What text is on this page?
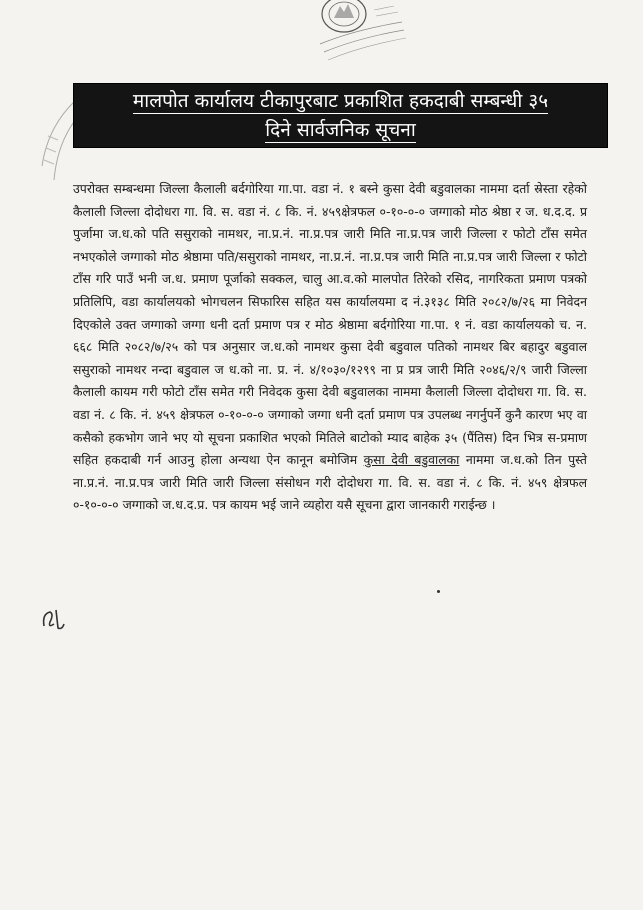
मालपोत कार्यालय टीकापुरबाट प्रकाशित हकदाबी सम्बन्धी ३५
दिने सार्वजनिक सूचना

उपरोक्त सम्बन्धमा जिल्ला कैलाली बर्दगोरिया गा.पा. वडा नं. १ बस्ने कुसा देवी बडुवालका नाममा दर्ता स्रेस्ता रहेको कैलाली जिल्ला दोदोधरा गा. वि. स. वडा नं. ८ कि. नं. ४५९क्षेत्रफल ०-१०-०-० जग्गाको मोठ श्रेष्ठा र ज. ध.द.द. प्र पुर्जामा ज.ध.को पति ससुराको नामथर, ना.प्र.नं. ना.प्र.पत्र जारी मिति ना.प्र.पत्र जारी जिल्ला र फोटो टाँस समेत नभएकोले जग्गाको मोठ श्रेष्ठामा पति/ससुराको नामथर, ना.प्र.नं. ना.प्र.पत्र जारी मिति ना.प्र.पत्र जारी जिल्ला र फोटो टाँस गरि पाउँ भनी ज.ध. प्रमाण पूर्जाको सक्कल, चालु आ.व.को मालपोत तिरेको रसिद, नागरिकता प्रमाण पत्रको प्रतिलिपि, वडा कार्यालयको भोगचलन सिफारिस सहित यस कार्यालयमा द नं.३१३८ मिति २०८२/७/२६ मा निवेदन दिएकोले उक्त जग्गाको जग्गा धनी दर्ता प्रमाण पत्र र मोठ श्रेष्ठामा बर्दगोरिया गा.पा. १ नं. वडा कार्यालयको च. न. ६६८ मिति २०८२/७/२५ को पत्र अनुसार ज.ध.को नामथर कुसा देवी बडुवाल पतिको नामथर बिर बहादुर बडुवाल ससुराको नामथर नन्दा बडुवाल ज ध.को ना. प्र. नं. ४/१०३०/१२९९ ना प्र प्रत्र जारी मिति २०४६/२/९ जारी जिल्ला कैलाली कायम गरी फोटो टाँस समेत गरी निवेदक कुसा देवी बडुवालका नाममा कैलाली जिल्ला दोदोधरा गा. वि. स. वडा नं. ८ कि. नं. ४५९ क्षेत्रफल ०-१०-०-० जग्गाको जग्गा धनी दर्ता प्रमाण पत्र उपलब्ध नगर्नुपर्ने कुनै कारण भए वा कसैको हकभोग जाने भए यो सूचना प्रकाशित भएको मितिले बाटोको म्याद बाहेक ३५ (पैंतिस) दिन भित्र स-प्रमाण सहित हकदाबी गर्न आउनु होला अन्यथा ऐन कानून बमोजिम कुसा देवी बडुवालका नाममा ज.ध.को तिन पुस्ते ना.प्र.नं. ना.प्र.पत्र जारी मिति जारी जिल्ला संसोधन गरी दोदोधरा गा. वि. स. वडा नं. ८ कि. नं. ४५९ क्षेत्रफल ०-१०-०-० जग्गाको ज.ध.द.प्र. पत्र कायम भई जाने व्यहोरा यसै सूचना द्वारा जानकारी गराईन्छ ।
